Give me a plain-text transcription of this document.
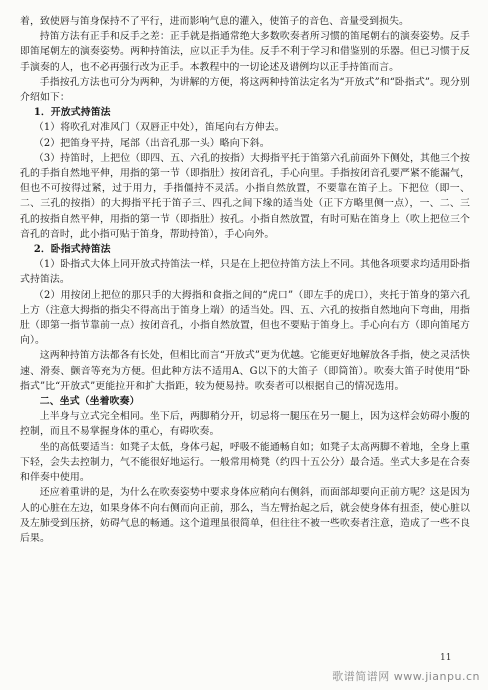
着，致使唇与笛身保持不了平行，进而影响气息的灌入，使笛子的音色、音量受到损失。

持笛方法有正手和反手之差：正手就是指通常绝大多数吹奏者所习惯的笛尾朝右的演奏姿势。反手即笛尾朝左的演奏姿势。两种持笛法，应以正手为佳。反手不利于学习和借鉴别的乐器。但已习惯于反手演奏的人，也不必再强行改为正手。本教程中的一切论述及谱例均以正手持笛而言。

手指按孔方法也可分为两种，为讲解的方便，将这两种持笛法定名为“开放式”和“卧指式”。现分别介绍如下：

1．开放式持笛法

（1）将吹孔对准风门（双唇正中处），笛尾向右方伸去。

（2）把笛身平持，尾部（出音孔那一头）略向下斜。

（3）持笛时，上把位（即四、五、六孔的按指）大拇指平托于笛第六孔前面外下侧处，其他三个按孔的手指自然地平伸，用指的第一节（即指肚）按闭音孔，手心向里。手指按闭音孔要严紧不能漏气，但也不可按得过紧，过于用力，手指僵持不灵活。小指自然放置，不要靠在笛子上。下把位（即一、二、三孔的按指）的大拇指平托于笛子三、四孔之间下缘的适当处（正下方略里侧一点），一、二、三孔的按指自然平伸，用指的第一节（即指肚）按孔。小指自然放置，有时可贴在笛身上（吹上把位三个音孔的音时，此小指可贴于笛身，帮助持笛），手心向外。

2．卧指式持笛法

（1）卧指式大体上同开放式持笛法一样，只是在上把位持笛方法上不同。其他各项要求均适用卧指式持笛法。

（2）用按闭上把位的那只手的大拇指和食指之间的“虎口”（即左手的虎口），夹托于笛身的第六孔上方（注意大拇指的指尖不得高出于笛身上端）的适当处。四、五、六孔的按指自然地向下弯曲，用指肚（即第一指节靠前一点）按闭音孔，小指自然放置，但也不要贴于笛身上。手心向右方（即向笛尾方向）。

这两种持笛方法都各有长处，但相比而言“开放式”更为优越。它能更好地解放各手指，使之灵活快速、滑奏、颤音等充为方便。但此种方法不适用A、G以下的大笛子（即筒笛）。吹奏大笛子时使用“卧指式”比“开放式”更能拉开和扩大指距，较为便易持。吹奏者可以根据自己的情况选用。

二、坐式（坐着吹奏）

上半身与立式完全相同。坐下后，两脚稍分开，切忌将一腿压在另一腿上，因为这样会妨碍小腹的控制，而且不易掌握身体的重心，有碍吹奏。

坐的高低要适当：如凳子太低，身体弓起，呼吸不能通畅自如；如凳子太高两脚不着地，全身上重下轻，会失去控制力，气不能很好地运行。一般常用椅凳（约四十五公分）最合适。坐式大多是在合奏和伴奏中使用。

还应着重讲的是，为什么在吹奏姿势中要求身体应稍向右侧斜，而面部却要向正前方呢？这是因为人的心脏在左边，如果身体不向右侧而向正前，那么，当左臂抬起之后，就会使身体有扭歪，使心脏以及左肺受到压挤，妨碍气息的畅通。这个道理虽很简单，但往往不被一些吹奏者注意，造成了一些不良后果。

11
歌谱简谱网 www.jianpu.cn
